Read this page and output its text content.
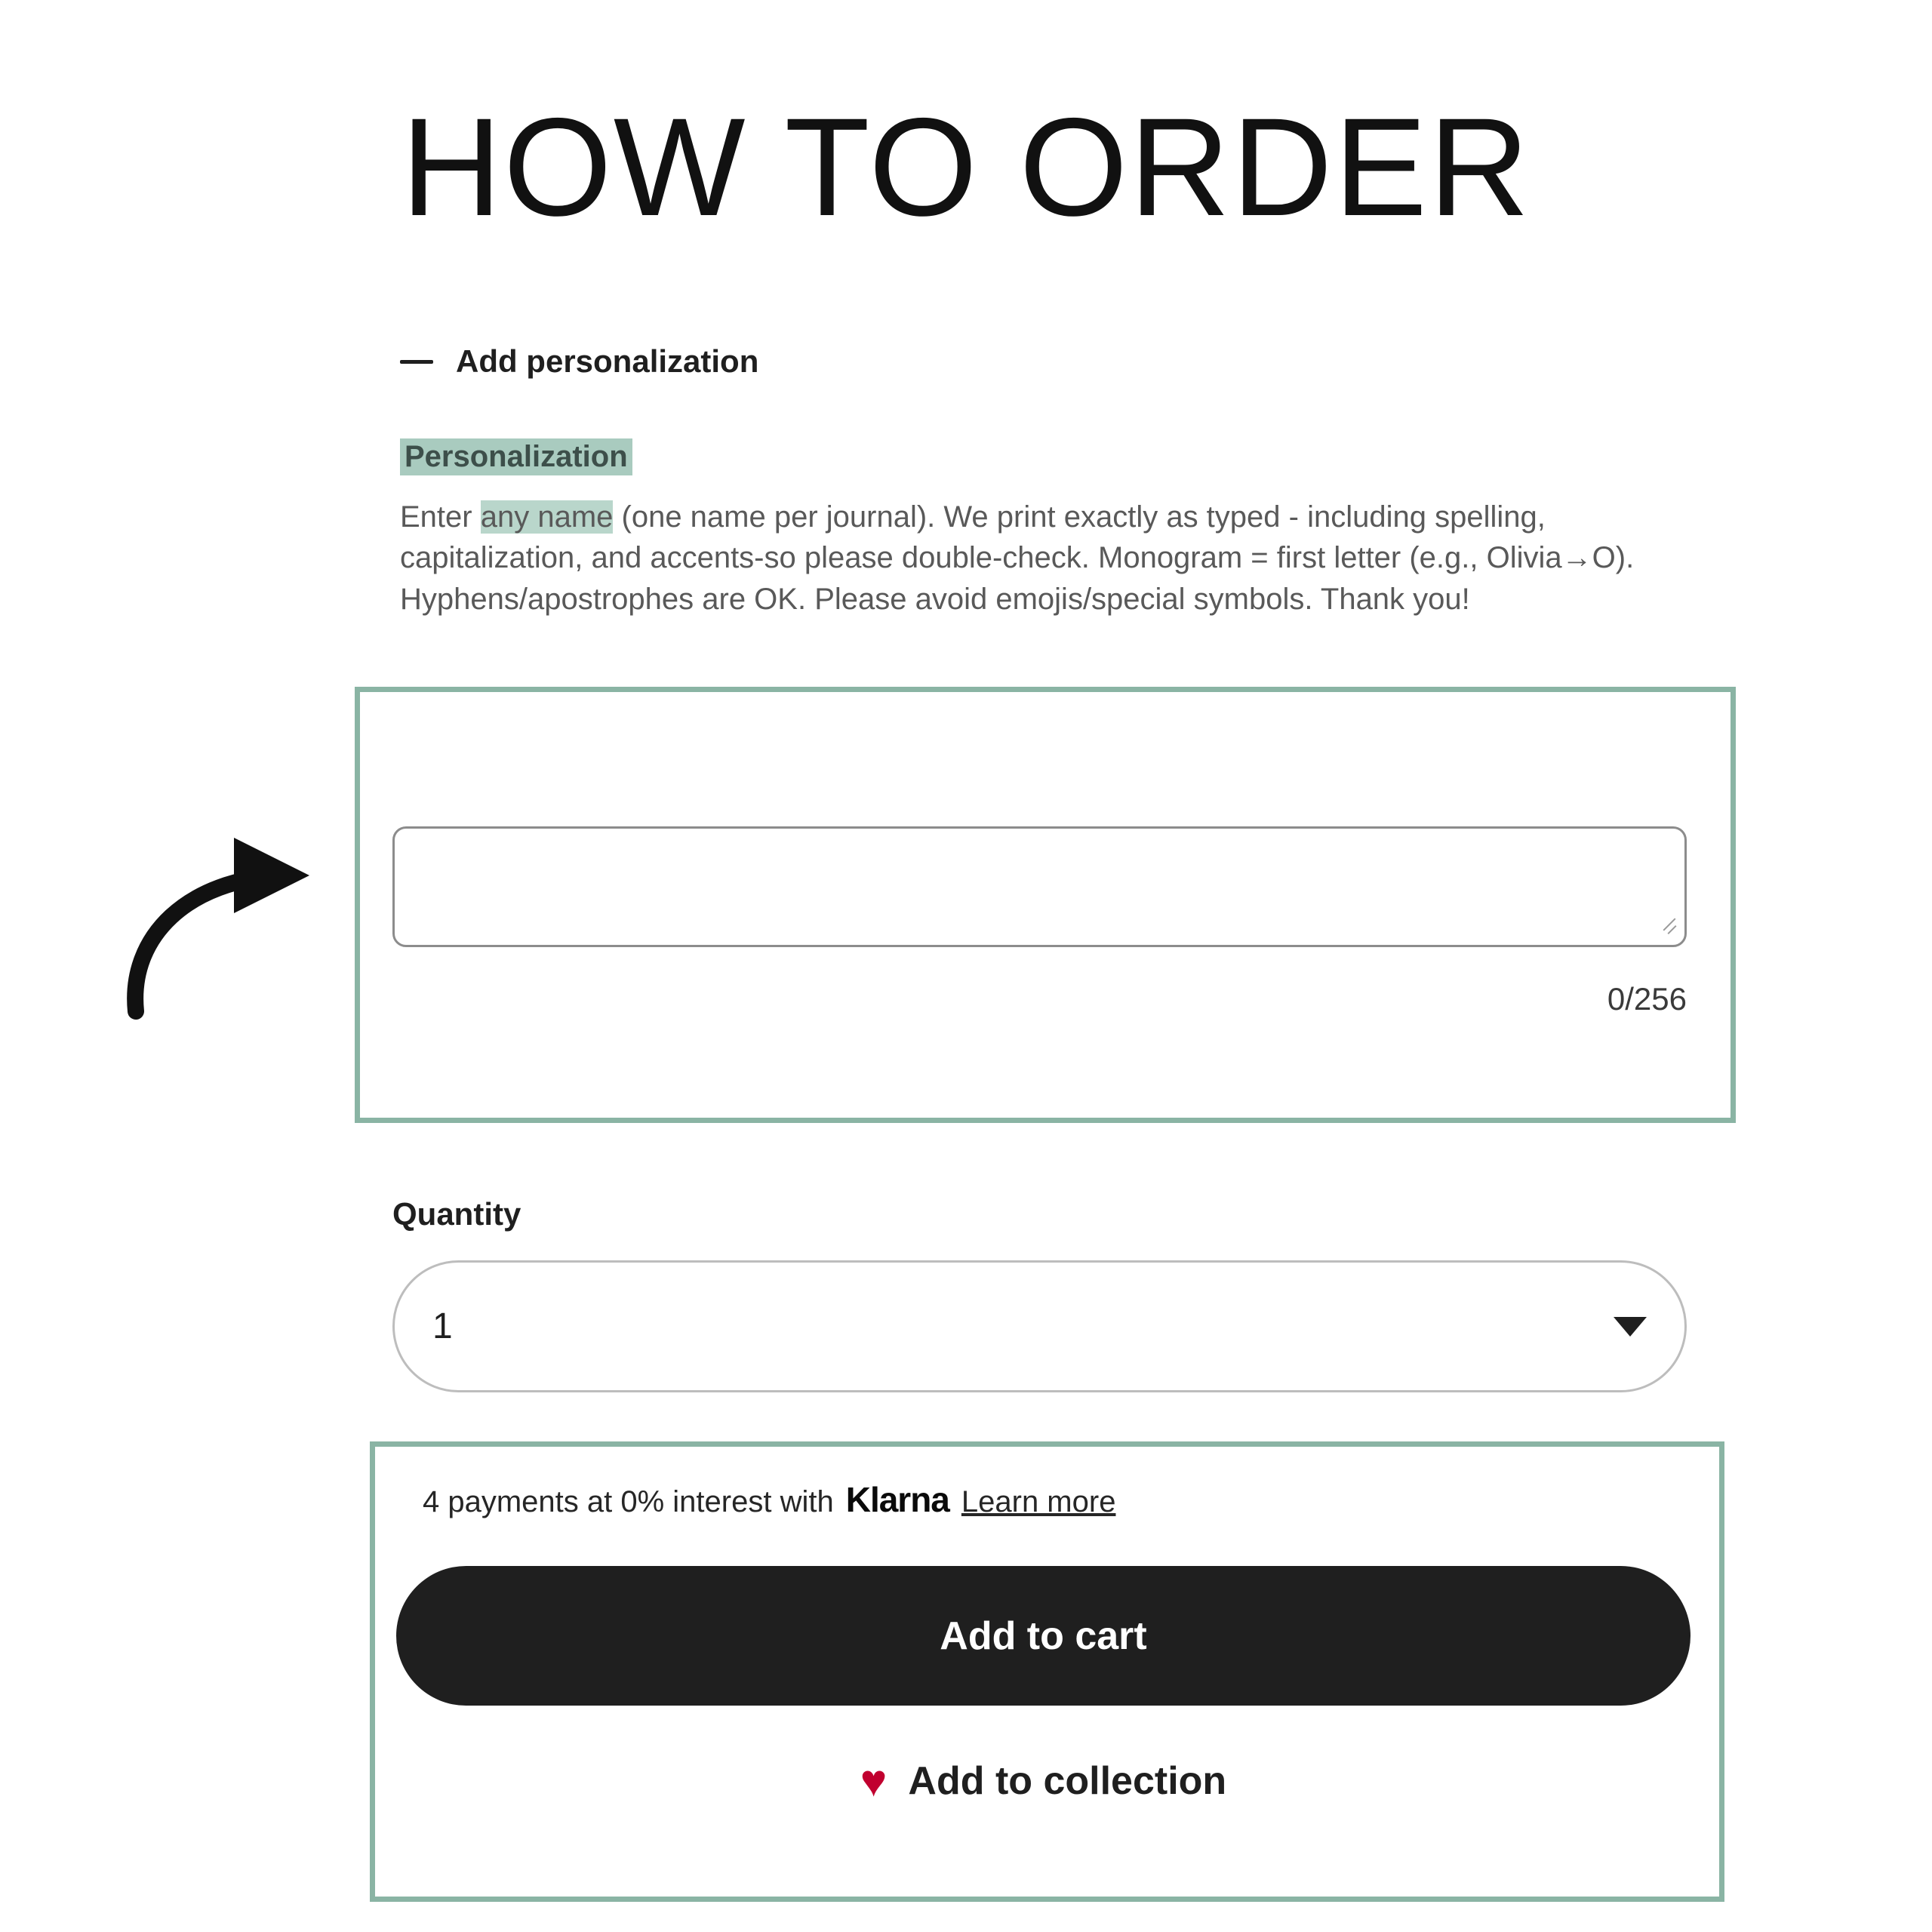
HOW TO ORDER
Add personalization
Personalization
Enter any name (one name per journal). We print exactly as typed - including spelling, capitalization, and accents-so please double-check. Monogram = first letter (e.g., Olivia→O). Hyphens/apostrophes are OK. Please avoid emojis/special symbols. Thank you!
0/256
Quantity
1
4 payments at 0% interest with Klarna Learn more
Add to cart
♥ Add to collection
